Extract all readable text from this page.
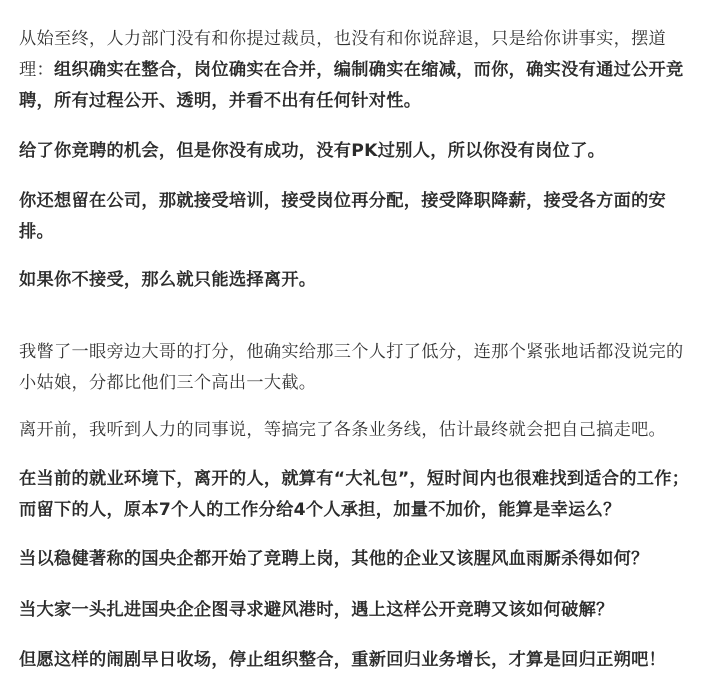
从始至终，人力部门没有和你提过裁员，也没有和你说辞退，只是给你讲事实，摆道理：组织确实在整合，岗位确实在合并，编制确实在缩减，而你，确实没有通过公开竞聘，所有过程公开、透明，并看不出有任何针对性。

给了你竞聘的机会，但是你没有成功，没有PK过别人，所以你没有岗位了。

你还想留在公司，那就接受培训，接受岗位再分配，接受降职降薪，接受各方面的安排。

如果你不接受，那么就只能选择离开。

我瞥了一眼旁边大哥的打分，他确实给那三个人打了低分，连那个紧张地话都没说完的小姑娘，分都比他们三个高出一大截。

离开前，我听到人力的同事说，等搞完了各条业务线，估计最终就会把自己搞走吧。

在当前的就业环境下，离开的人，就算有“大礼包”，短时间内也很难找到适合的工作；而留下的人，原本7个人的工作分给4个人承担，加量不加价，能算是幸运么？

当以稳健著称的国央企都开始了竞聘上岗，其他的企业又该腥风血雨厮杀得如何？

当大家一头扎进国央企企图寻求避风港时，遇上这样公开竞聘又该如何破解？

但愿这样的闹剧早日收场，停止组织整合，重新回归业务增长，才算是回归正朔吧！
